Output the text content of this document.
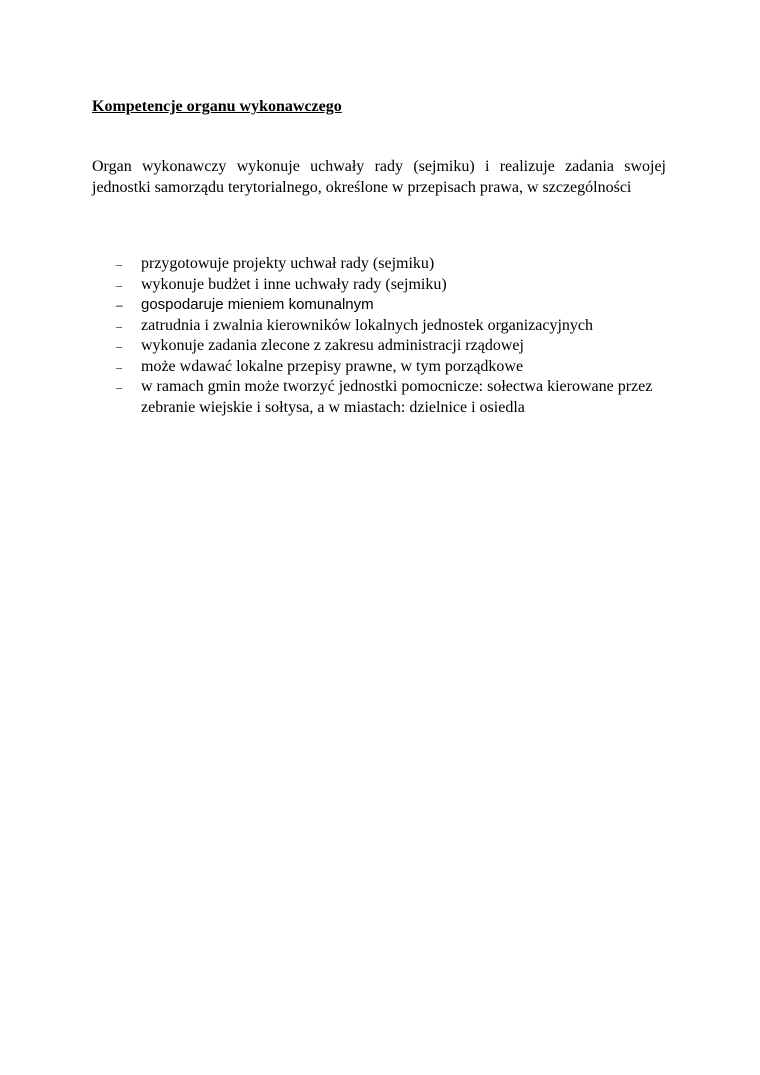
Kompetencje organu wykonawczego

Organ wykonawczy wykonuje uchwały rady (sejmiku) i realizuje zadania swojej jednostki samorządu terytorialnego, określone w przepisach prawa, w szczególności

– przygotowuje projekty uchwał rady (sejmiku)
– wykonuje budżet i inne uchwały rady (sejmiku)
– gospodaruje mieniem komunalnym
– zatrudnia i zwalnia kierowników lokalnych jednostek organizacyjnych
– wykonuje zadania zlecone z zakresu administracji rządowej
– może wdawać lokalne przepisy prawne, w tym porządkowe
– w ramach gmin może tworzyć jednostki pomocnicze: sołectwa kierowane przez zebranie wiejskie i sołtysa, a w miastach: dzielnice i osiedla
